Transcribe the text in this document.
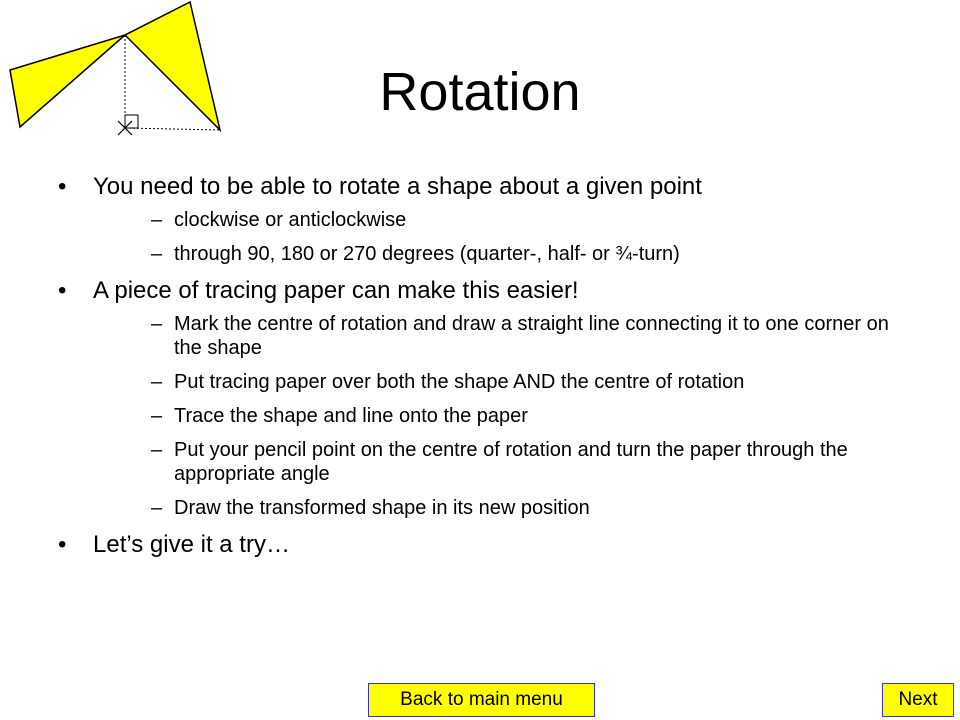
Rotation
• You need to be able to rotate a shape about a given point
– clockwise or anticlockwise
– through 90, 180 or 270 degrees (quarter-, half- or ¾-turn)
• A piece of tracing paper can make this easier!
– Mark the centre of rotation and draw a straight line connecting it to one corner on the shape
– Put tracing paper over both the shape AND the centre of rotation
– Trace the shape and line onto the paper
– Put your pencil point on the centre of rotation and turn the paper through the appropriate angle
– Draw the transformed shape in its new position
• Let’s give it a try…
Back to main menu	Next
